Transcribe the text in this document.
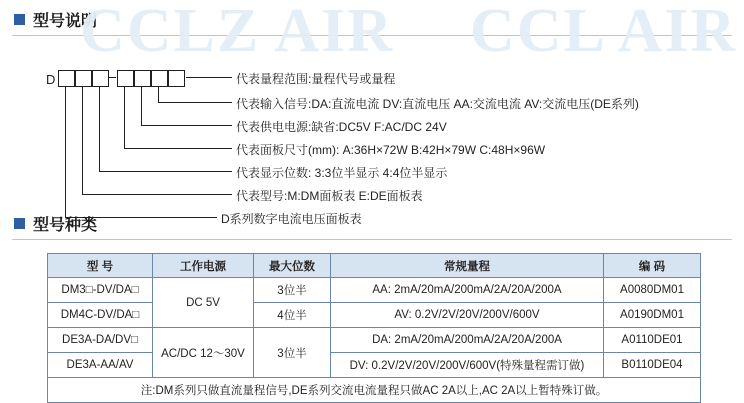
CCLZ AIR CCL AIR
型号说明
D	代表量程范围:量程代号或量程
代表输入信号:DA:直流电流 DV:直流电压 AA:交流电流 AV:交流电压(DE系列)
代表供电电源:缺省:DC5V F:AC/DC 24V
代表面板尺寸(mm): A:36H×72W B:42H×79W C:48H×96W
代表显示位数: 3:3位半显示 4:4位半显示
代表型号:M:DM面板表 E:DE面板表
D系列数字电流电压面板表
型号种类
型 号	工作电源	最大位数	常规量程	编 码
DM3□-DV/DA□	DC 5V	3位半	AA: 2mA/20mA/200mA/2A/20A/200A	A0080DM01
DM4C-DV/DA□		4位半	AV: 0.2V/2V/20V/200V/600V	A0190DM01
DE3A-DA/DV□	AC/DC 12～30V	3位半	DA: 2mA/20mA/200mA/2A/20A/200A	A0110DE01
DE3A-AA/AV			DV: 0.2V/2V/20V/200V/600V(特殊量程需订做)	B0110DE04
注:DM系列只做直流量程信号,DE系列交流电流量程只做AC 2A以上,AC 2A以上暂特殊订做。				
